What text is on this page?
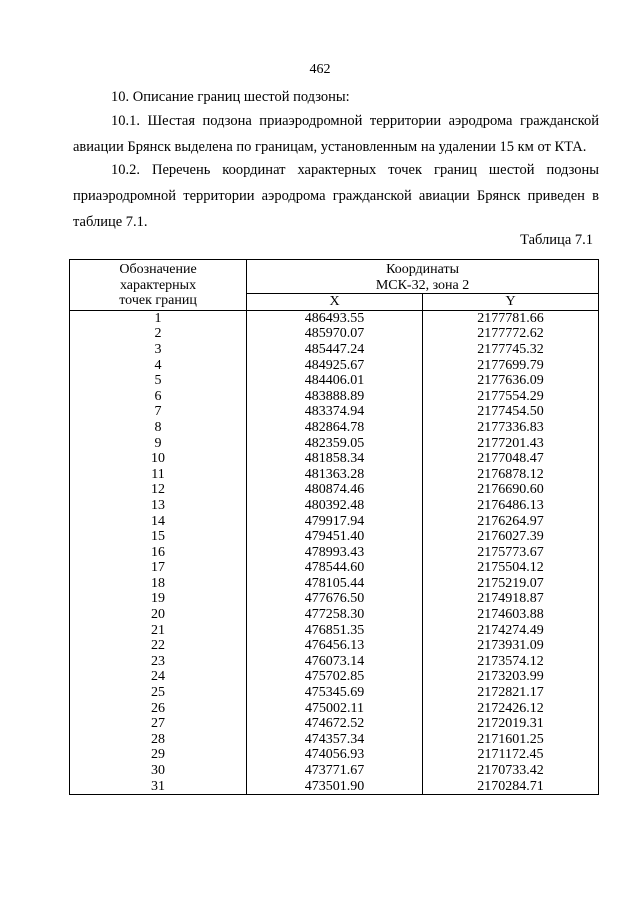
462
10. Описание границ шестой подзоны:
10.1. Шестая подзона приаэродромной территории аэродрома гражданской авиации Брянск выделена по границам, установленным на удалении 15 км от КТА.
10.2. Перечень координат характерных точек границ шестой подзоны приаэродромной территории аэродрома гражданской авиации Брянск приведен в таблице 7.1.
Таблица 7.1
Обозначение
характерных
точек границ	Координаты
МСК-32, зона 2	

	X	Y
1	486493.55	2177781.66
2	485970.07	2177772.62
3	485447.24	2177745.32
4	484925.67	2177699.79
5	484406.01	2177636.09
6	483888.89	2177554.29
7	483374.94	2177454.50
8	482864.78	2177336.83
9	482359.05	2177201.43
10	481858.34	2177048.47
11	481363.28	2176878.12
12	480874.46	2176690.60
13	480392.48	2176486.13
14	479917.94	2176264.97
15	479451.40	2176027.39
16	478993.43	2175773.67
17	478544.60	2175504.12
18	478105.44	2175219.07
19	477676.50	2174918.87
20	477258.30	2174603.88
21	476851.35	2174274.49
22	476456.13	2173931.09
23	476073.14	2173574.12
24	475702.85	2173203.99
25	475345.69	2172821.17
26	475002.11	2172426.12
27	474672.52	2172019.31
28	474357.34	2171601.25
29	474056.93	2171172.45
30	473771.67	2170733.42
31	473501.90	2170284.71
